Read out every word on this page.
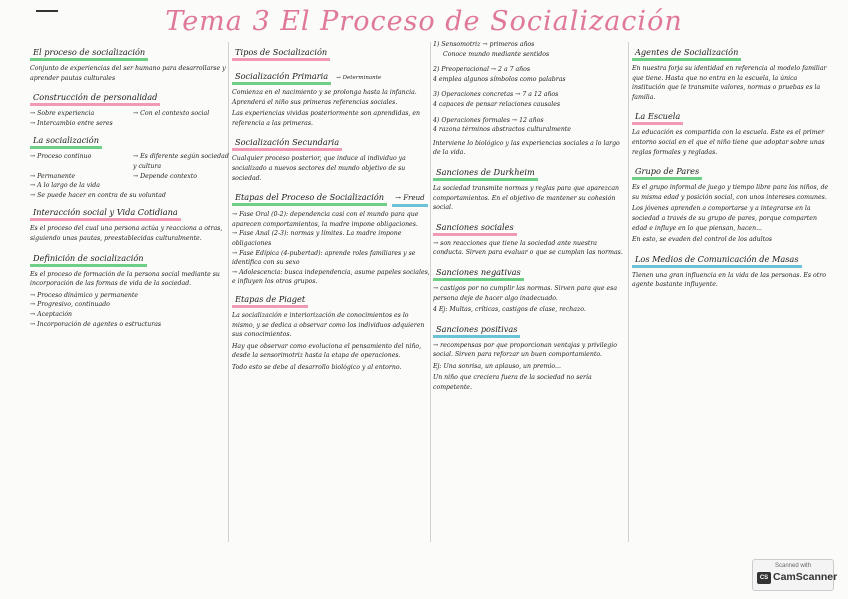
Tema 3 El Proceso de Socialización
El proceso de socialización

Conjunto de experiencias del ser humano para desarrollarse y aprender pautas culturales

Construcción de personalidad

→ Sobre experiencia	→ Con el contexto social

→ Intercambio entre seres

La socialización

→ Proceso continuo	→ Es diferente según sociedad y cultura

→ Permanente	→ Depende contexto

→ A lo largo de la vida

→ Se puede hacer en contra de su voluntad

Interacción social y Vida Cotidiana

Es el proceso del cual una persona actúa y reacciona a otras, siguiendo unas pautas, preestablecidas culturalmente.

Definición de socialización

Es el proceso de formación de la persona social mediante su incorporación de las formas de vida de la sociedad.

→ Proceso dinámico y permanente

→ Progresivo, continuado

→ Aceptación

→ Incorporación de agentes o estructuras

Tipos de Socialización
Socialización Primaria → Determinante

Comienza en el nacimiento y se prolonga hasta la infancia. Aprenderá el niño sus primeras referencias sociales.

Las experiencias vividas posteriormente son aprendidas, en referencia a las primeras.

Socialización Secundaria

Cualquier proceso posterior, que induce al individuo ya socializado a nuevos sectores del mundo objetivo de su sociedad.

Etapas del Proceso de Socialización → Freud

→ Fase Oral (0-2): dependencia casi con el mundo para que aparecen comportamientos, la madre impone obligaciones.

→ Fase Anal (2-3): normas y límites. La madre impone obligaciones

→ Fase Edípica (4-pubertad): aprende roles familiares y se identifica con su sexo

→ Adolescencia: busca independencia, asume papeles sociales, e influyen los otros grupos.

Etapas de Piaget

La socialización e interiorización de conocimientos es lo mismo, y se dedica a observar como los individuos adquieren sus conocimientos.

Hay que observar como evoluciona el pensamiento del niño, desde la sensorimotriz hasta la etapa de operaciones.

Todo esto se debe al desarrollo biológico y al entorno.

1) Sensomotriz → primeros años

Conoce mundo mediante sentidos

2) Preoperacional → 2 a 7 años

4 emplea algunos símbolos como palabras

3) Operaciones concretas → 7 a 12 años

4 capaces de pensar relaciones causales

4) Operaciones formales → 12 años

4 razona términos abstractos culturalmente

Interviene lo biológico y las experiencias sociales a lo largo de la vida.

Sanciones de Durkheim

La sociedad transmite normas y reglas para que aparezcan comportamientos. En el objetivo de mantener su cohesión social.

Sanciones sociales

→ son reacciones que tiene la sociedad ante nuestra conducta. Sirven para evaluar o que se cumplan las normas.

Sanciones negativas

→ castigos por no cumplir las normas. Sirven para que esa persona deje de hacer algo inadecuado.

4 Ej: Multas, críticas, castigos de clase, rechazo.

Sanciones positivas

→ recompensas por que proporcionan ventajas y privilegio social. Sirven para reforzar un buen comportamiento.

Ej: Una sonrisa, un aplauso, un premio...

Un niño que creciera fuera de la sociedad no sería competente.

Agentes de Socialización

En nuestra forja su identidad en referencia al modelo familiar que tiene. Hasta que no entra en la escuela, la única institución que le transmite valores, normas o pruebas es la familia.

La Escuela

La educación es compartida con la escuela. Este es el primer entorno social en el que el niño tiene que adoptar sobre unas reglas formales y regladas.

Grupo de Pares

Es el grupo informal de juego y tiempo libre para los niños, de su misma edad y posición social, con unos intereses comunes.

Los jóvenes aprenden a comportarse y a integrarse en la sociedad a través de su grupo de pares, porque comparten edad e influye en lo que piensan, hacen...

En esto, se evaden del control de los adultos

Los Medios de Comunicación de Masas

Tienen una gran influencia en la vida de las personas. Es otro agente bastante influyente.

Scanned with
CS CamScanner
